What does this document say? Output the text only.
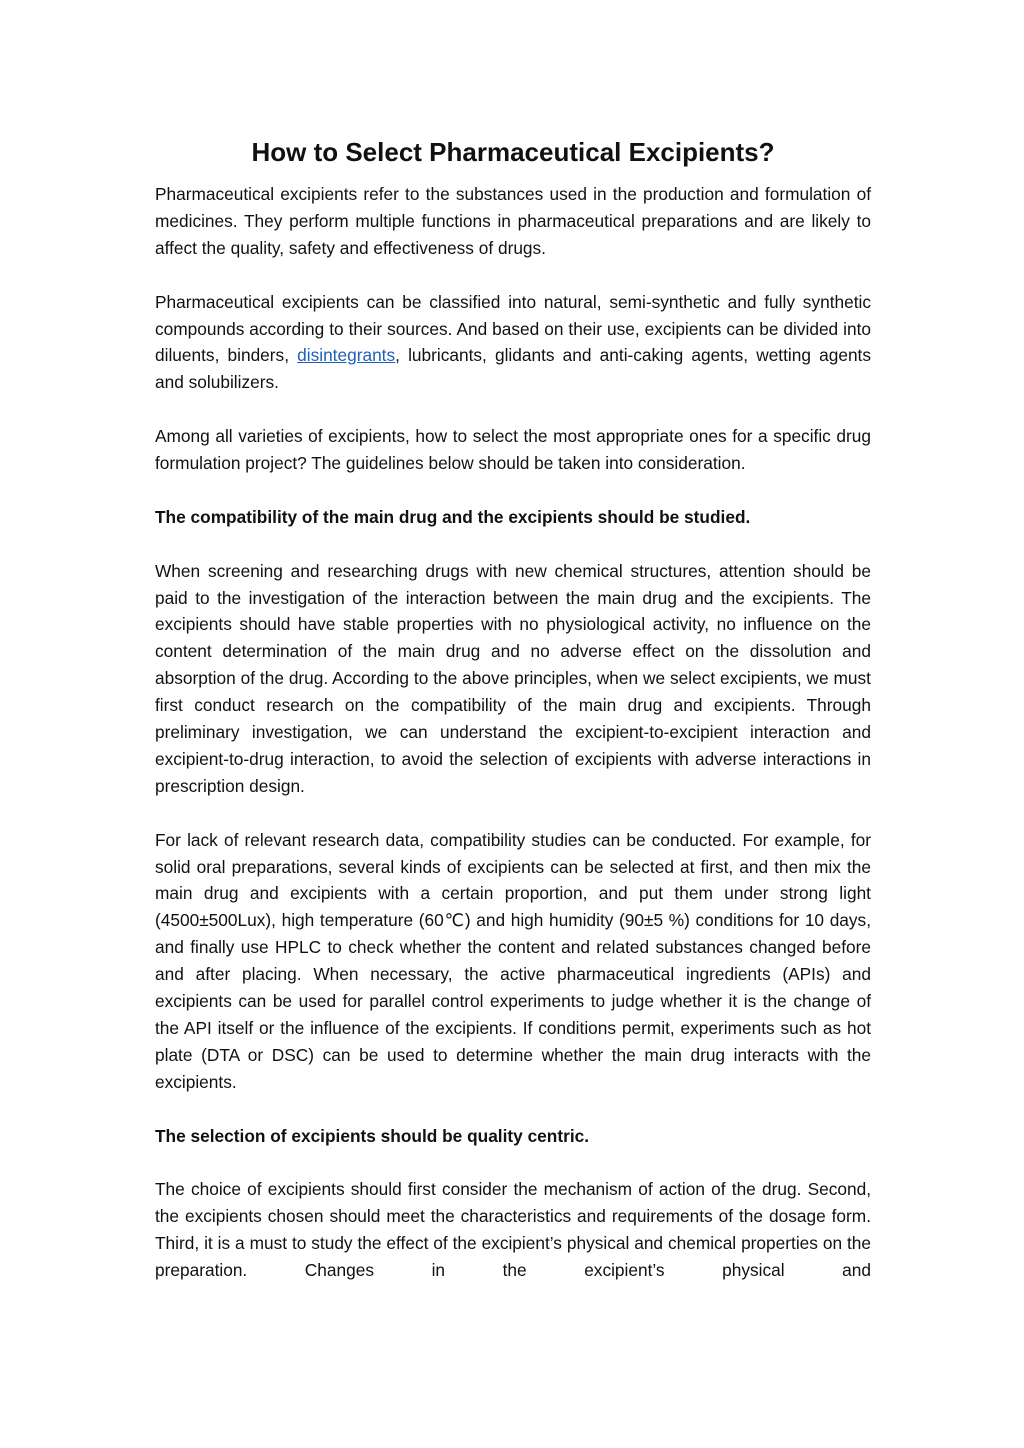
How to Select Pharmaceutical Excipients?

Pharmaceutical excipients refer to the substances used in the production and formulation of medicines. They perform multiple functions in pharmaceutical preparations and are likely to affect the quality, safety and effectiveness of drugs.

Pharmaceutical excipients can be classified into natural, semi-synthetic and fully synthetic compounds according to their sources. And based on their use, excipients can be divided into diluents, binders, disintegrants, lubricants, glidants and anti-caking agents, wetting agents and solubilizers.

Among all varieties of excipients, how to select the most appropriate ones for a specific drug formulation project? The guidelines below should be taken into consideration.

The compatibility of the main drug and the excipients should be studied.

When screening and researching drugs with new chemical structures, attention should be paid to the investigation of the interaction between the main drug and the excipients. The excipients should have stable properties with no physiological activity, no influence on the content determination of the main drug and no adverse effect on the dissolution and absorption of the drug. According to the above principles, when we select excipients, we must first conduct research on the compatibility of the main drug and excipients. Through preliminary investigation, we can understand the excipient-to-excipient interaction and excipient-to-drug interaction, to avoid the selection of excipients with adverse interactions in prescription design.

For lack of relevant research data, compatibility studies can be conducted. For example, for solid oral preparations, several kinds of excipients can be selected at first, and then mix the main drug and excipients with a certain proportion, and put them under strong light (4500±500Lux), high temperature (60℃) and high humidity (90±5 %) conditions for 10 days, and finally use HPLC to check whether the content and related substances changed before and after placing. When necessary, the active pharmaceutical ingredients (APIs) and excipients can be used for parallel control experiments to judge whether it is the change of the API itself or the influence of the excipients. If conditions permit, experiments such as hot plate (DTA or DSC) can be used to determine whether the main drug interacts with the excipients.

The selection of excipients should be quality centric.

The choice of excipients should first consider the mechanism of action of the drug. Second, the excipients chosen should meet the characteristics and requirements of the dosage form. Third, it is a must to study the effect of the excipient’s physical and chemical properties on the preparation. Changes in the excipient’s physical and
